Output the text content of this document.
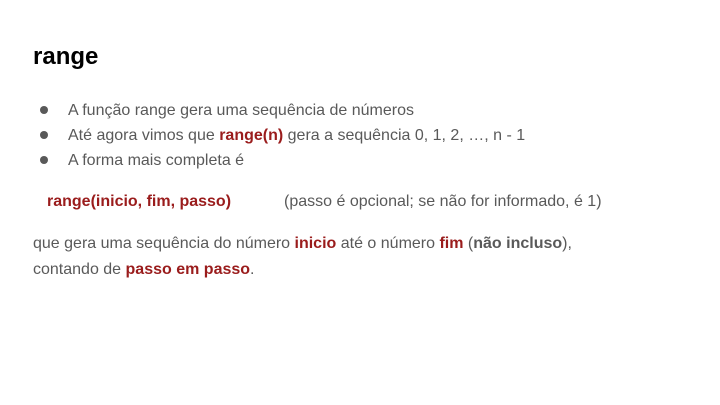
range
A função range gera uma sequência de números
Até agora vimos que range(n) gera a sequência 0, 1, 2, …, n - 1
A forma mais completa é
range(inicio, fim, passo)	(passo é opcional; se não for informado, é 1)
que gera uma sequência do número inicio até o número fim (não incluso),
contando de passo em passo.
